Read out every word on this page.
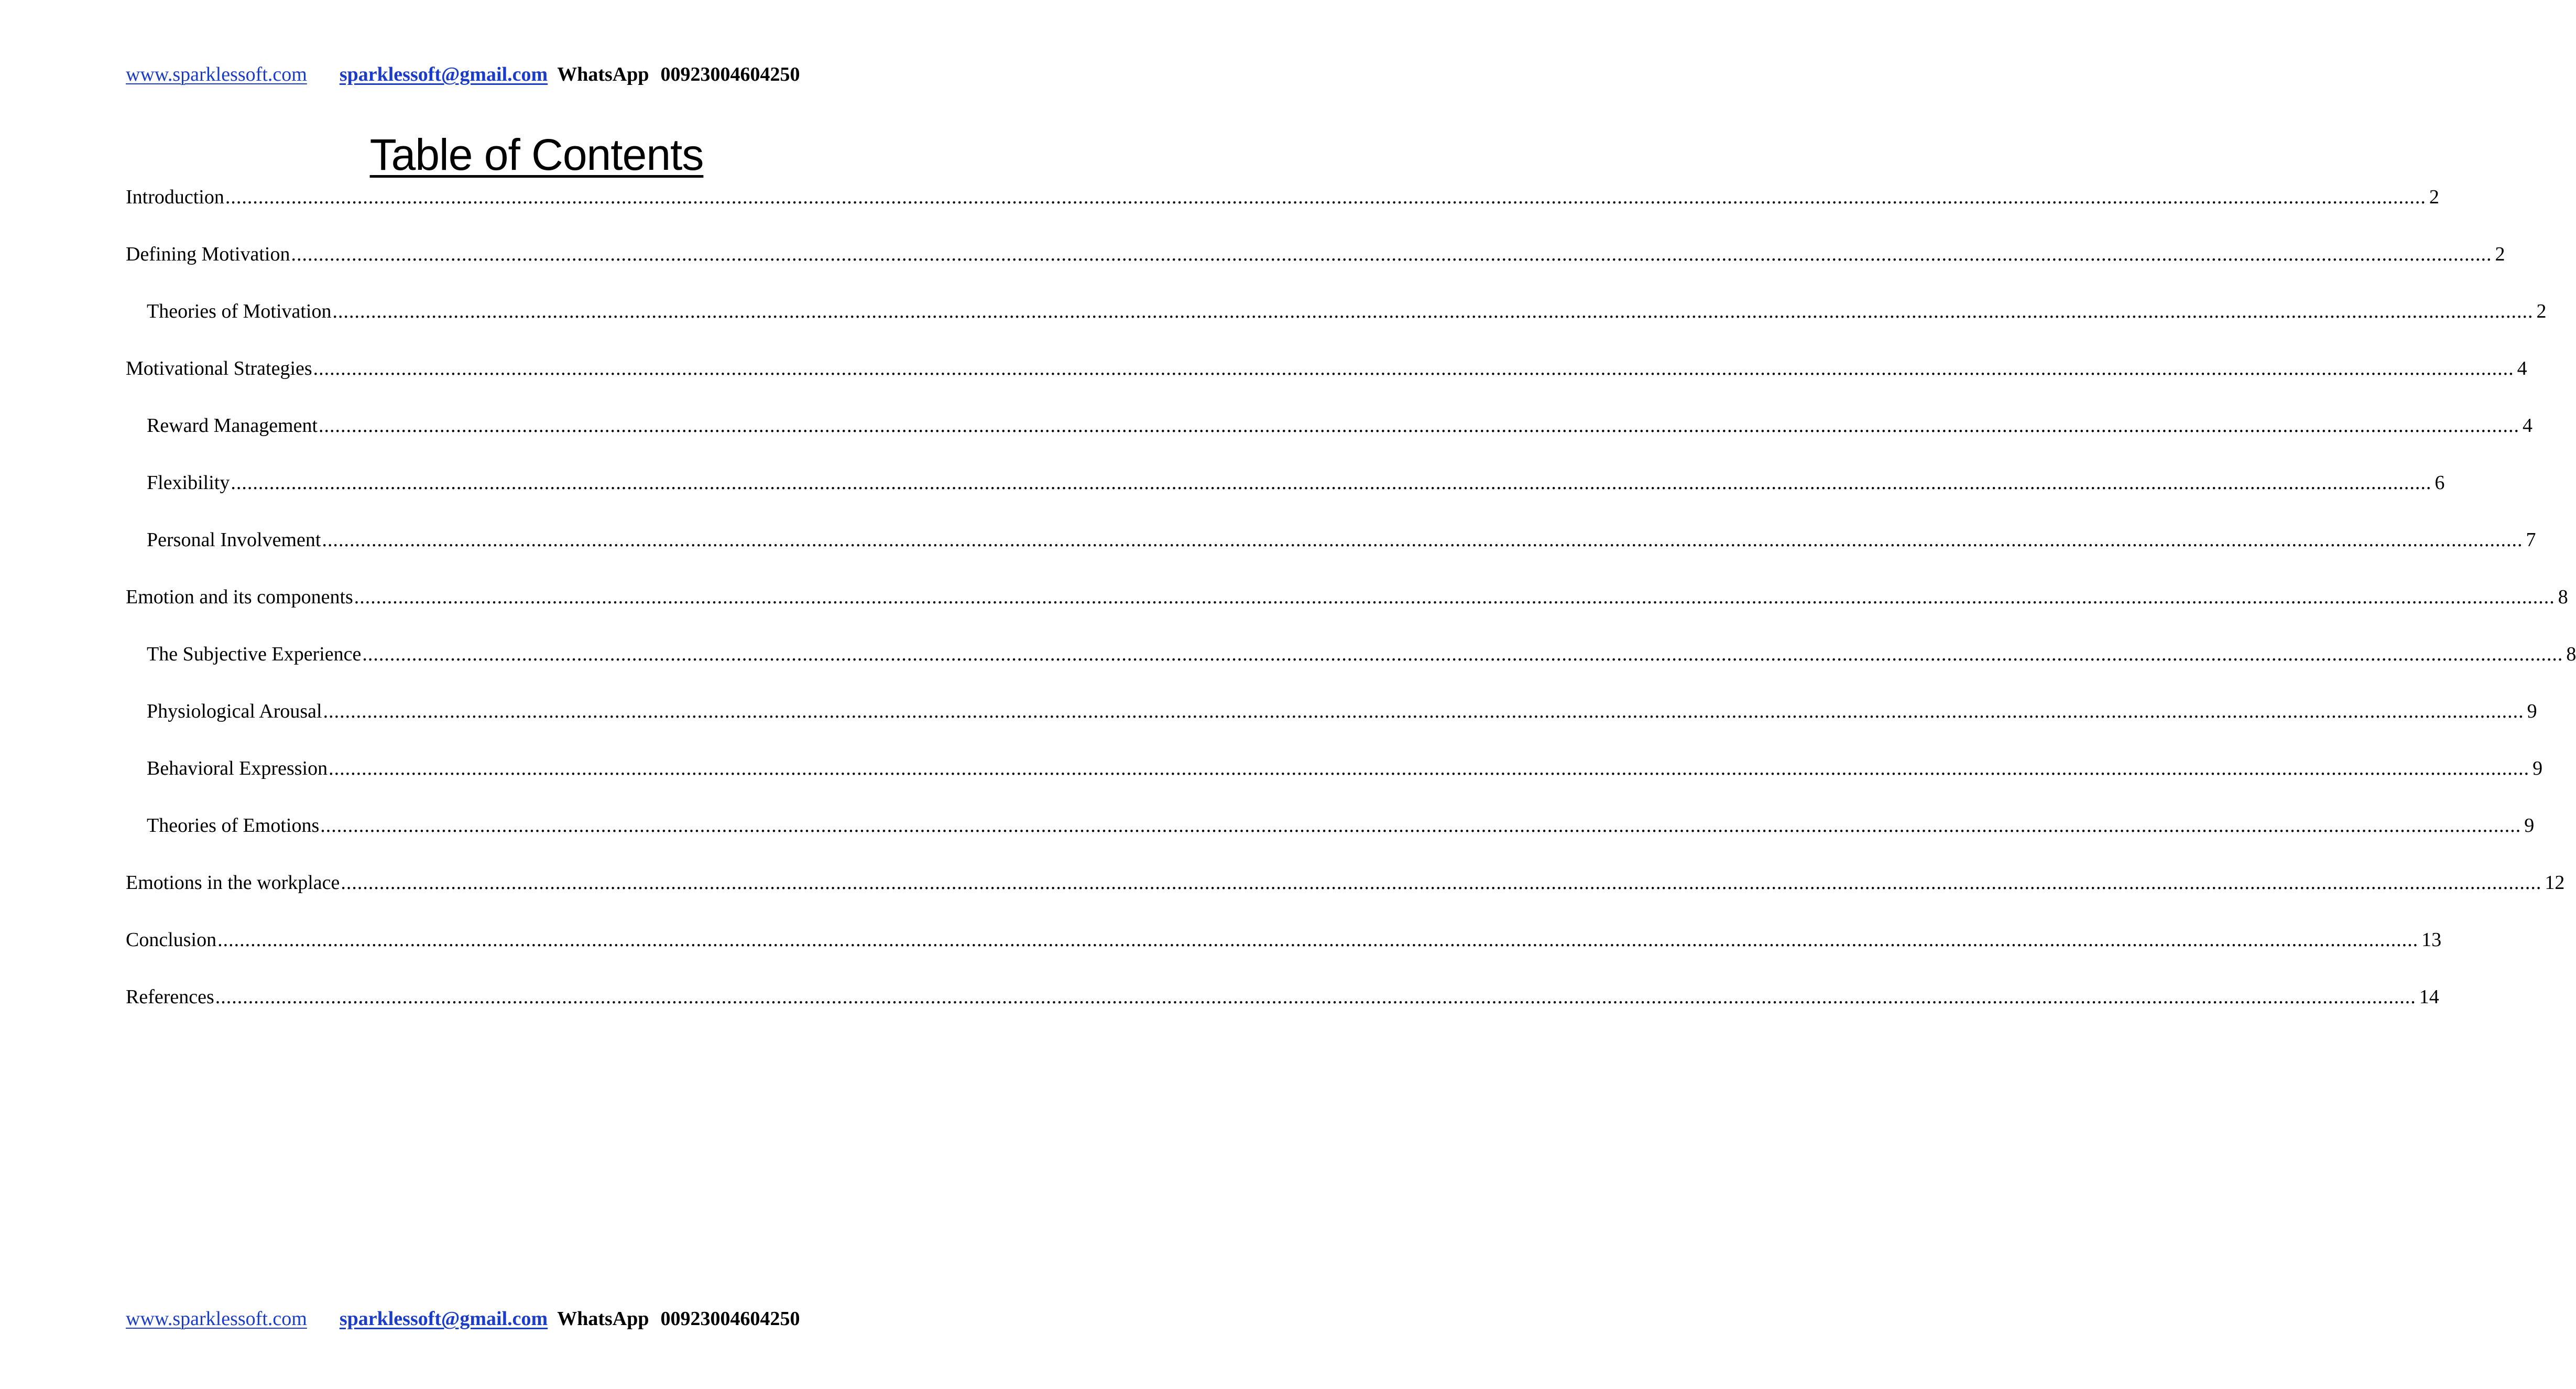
www.sparklessoft.com sparklessoft@gmail.com WhatsApp 00923004604250
Table of Contents
Introduction ................................................................................................................................................................................................................................................................................................................................................................................................................ 2
Defining Motivation ................................................................................................................................................................................................................................................................................................................................................................................................................ 2
Theories of Motivation ................................................................................................................................................................................................................................................................................................................................................................................................................ 2
Motivational Strategies ................................................................................................................................................................................................................................................................................................................................................................................................................ 4
Reward Management ................................................................................................................................................................................................................................................................................................................................................................................................................ 4
Flexibility ................................................................................................................................................................................................................................................................................................................................................................................................................ 6
Personal Involvement ................................................................................................................................................................................................................................................................................................................................................................................................................ 7
Emotion and its components ................................................................................................................................................................................................................................................................................................................................................................................................................ 8
The Subjective Experience ................................................................................................................................................................................................................................................................................................................................................................................................................ 8
Physiological Arousal ................................................................................................................................................................................................................................................................................................................................................................................................................ 9
Behavioral Expression ................................................................................................................................................................................................................................................................................................................................................................................................................ 9
Theories of Emotions ................................................................................................................................................................................................................................................................................................................................................................................................................ 9
Emotions in the workplace ................................................................................................................................................................................................................................................................................................................................................................................................................ 12
Conclusion ................................................................................................................................................................................................................................................................................................................................................................................................................ 13
References ................................................................................................................................................................................................................................................................................................................................................................................................................ 14
www.sparklessoft.com sparklessoft@gmail.com WhatsApp 00923004604250
